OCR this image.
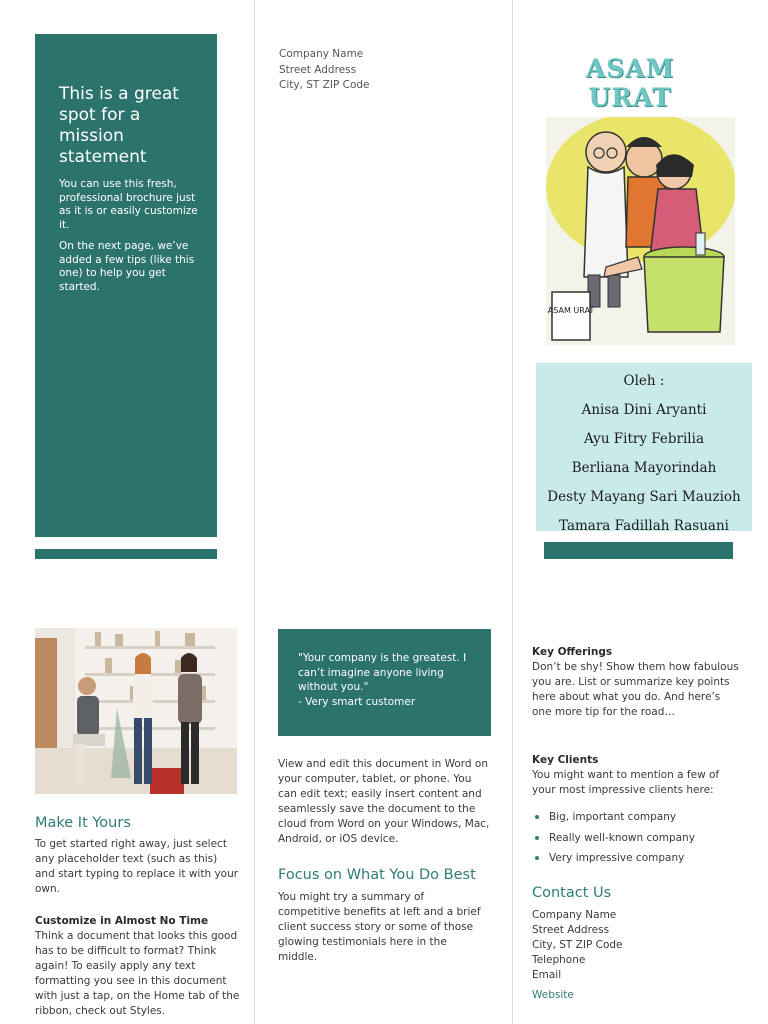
This is a great spot for a mission statement

You can use this fresh, professional brochure just as it is or easily customize it.

On the next page, we’ve added a few tips (like this one) to help you get started.

Make It Yours

To get started right away, just select any placeholder text (such as this) and start typing to replace it with your own.

Customize in Almost No Time
Think a document that looks this good has to be difficult to format? Think again! To easily apply any text formatting you see in this document with just a tap, on the Home tab of the ribbon, check out Styles.
Company Name
Street Address
City, ST ZIP Code
"Your company is the greatest. I can’t imagine anyone living without you."
- Very smart customer

View and edit this document in Word on your computer, tablet, or phone. You can edit text; easily insert content and seamlessly save the document to the cloud from Word on your Windows, Mac, Android, or iOS device.

Focus on What You Do Best

You might try a summary of competitive benefits at left and a brief client success story or some of those glowing testimonials here in the middle.

ASAM URAT
ASAM URAT
Oleh :
Anisa Dini Aryanti
Ayu Fitry Febrilia
Berliana Mayorindah
Desty Mayang Sari Mauzioh
Tamara Fadillah Rasuani
Key Offerings
Don’t be shy! Show them how fabulous you are. List or summarize key points here about what you do. And here’s one more tip for the road…
Key Clients
You might want to mention a few of your most impressive clients here:
Big, important company
Really well-known company
Very impressive company
Contact Us
Company Name
Street Address
City, ST ZIP Code
Telephone
Email
Website
